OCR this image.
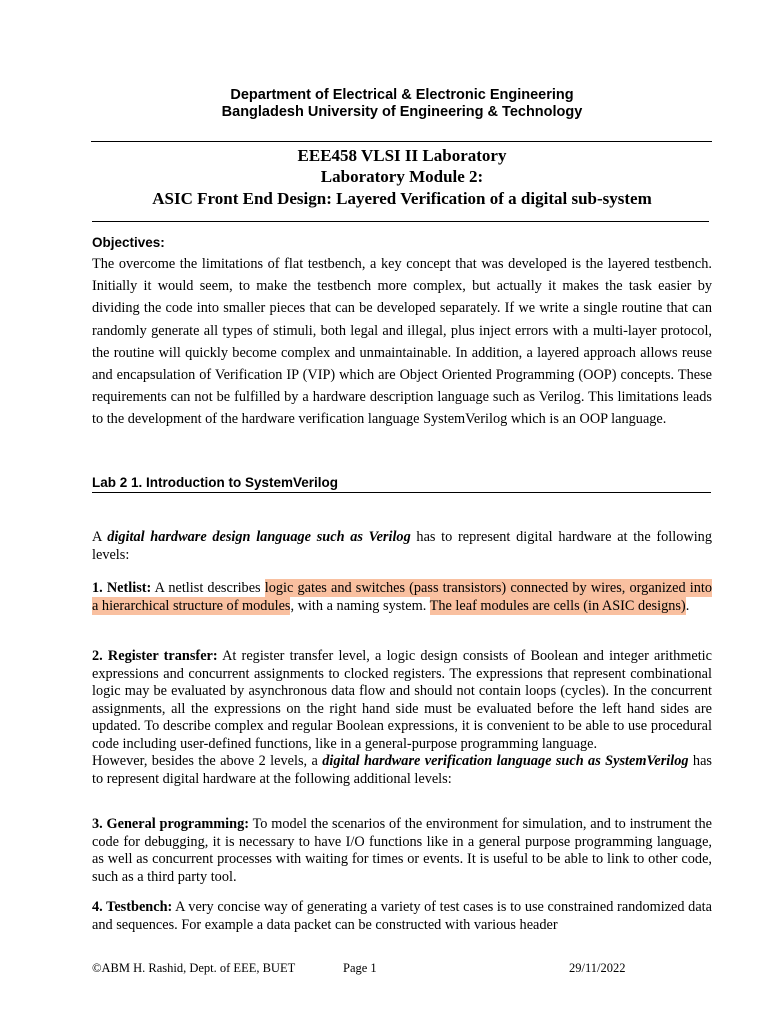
Department of Electrical & Electronic Engineering
Bangladesh University of Engineering & Technology
EEE458 VLSI II Laboratory
Laboratory Module 2:
ASIC Front End Design: Layered Verification of a digital sub-system
Objectives:

The overcome the limitations of flat testbench, a key concept that was developed is the layered testbench. Initially it would seem, to make the testbench more complex, but actually it makes the task easier by dividing the code into smaller pieces that can be developed separately. If we write a single routine that can randomly generate all types of stimuli, both legal and illegal, plus inject errors with a multi-layer protocol, the routine will quickly become complex and unmaintainable. In addition, a layered approach allows reuse and encapsulation of Verification IP (VIP) which are Object Oriented Programming (OOP) concepts. These requirements can not be fulfilled by a hardware description language such as Verilog. This limitations leads to the development of the hardware verification language SystemVerilog which is an OOP language.

Lab 2 1. Introduction to SystemVerilog

A digital hardware design language such as Verilog has to represent digital hardware at the following levels:

1. Netlist: A netlist describes logic gates and switches (pass transistors) connected by wires, organized into a hierarchical structure of modules, with a naming system. The leaf modules are cells (in ASIC designs).

2. Register transfer: At register transfer level, a logic design consists of Boolean and integer arithmetic expressions and concurrent assignments to clocked registers. The expressions that represent combinational logic may be evaluated by asynchronous data flow and should not contain loops (cycles). In the concurrent assignments, all the expressions on the right hand side must be evaluated before the left hand sides are updated. To describe complex and regular Boolean expressions, it is convenient to be able to use procedural code including user-defined functions, like in a general-purpose programming language.
However, besides the above 2 levels, a digital hardware verification language such as SystemVerilog has to represent digital hardware at the following additional levels:

3. General programming: To model the scenarios of the environment for simulation, and to instrument the code for debugging, it is necessary to have I/O functions like in a general purpose programming language, as well as concurrent processes with waiting for times or events. It is useful to be able to link to other code, such as a third party tool.

4. Testbench: A very concise way of generating a variety of test cases is to use constrained randomized data and sequences. For example a data packet can be constructed with various header

©ABM H. Rashid, Dept. of EEE, BUET	Page 1	29/11/2022
